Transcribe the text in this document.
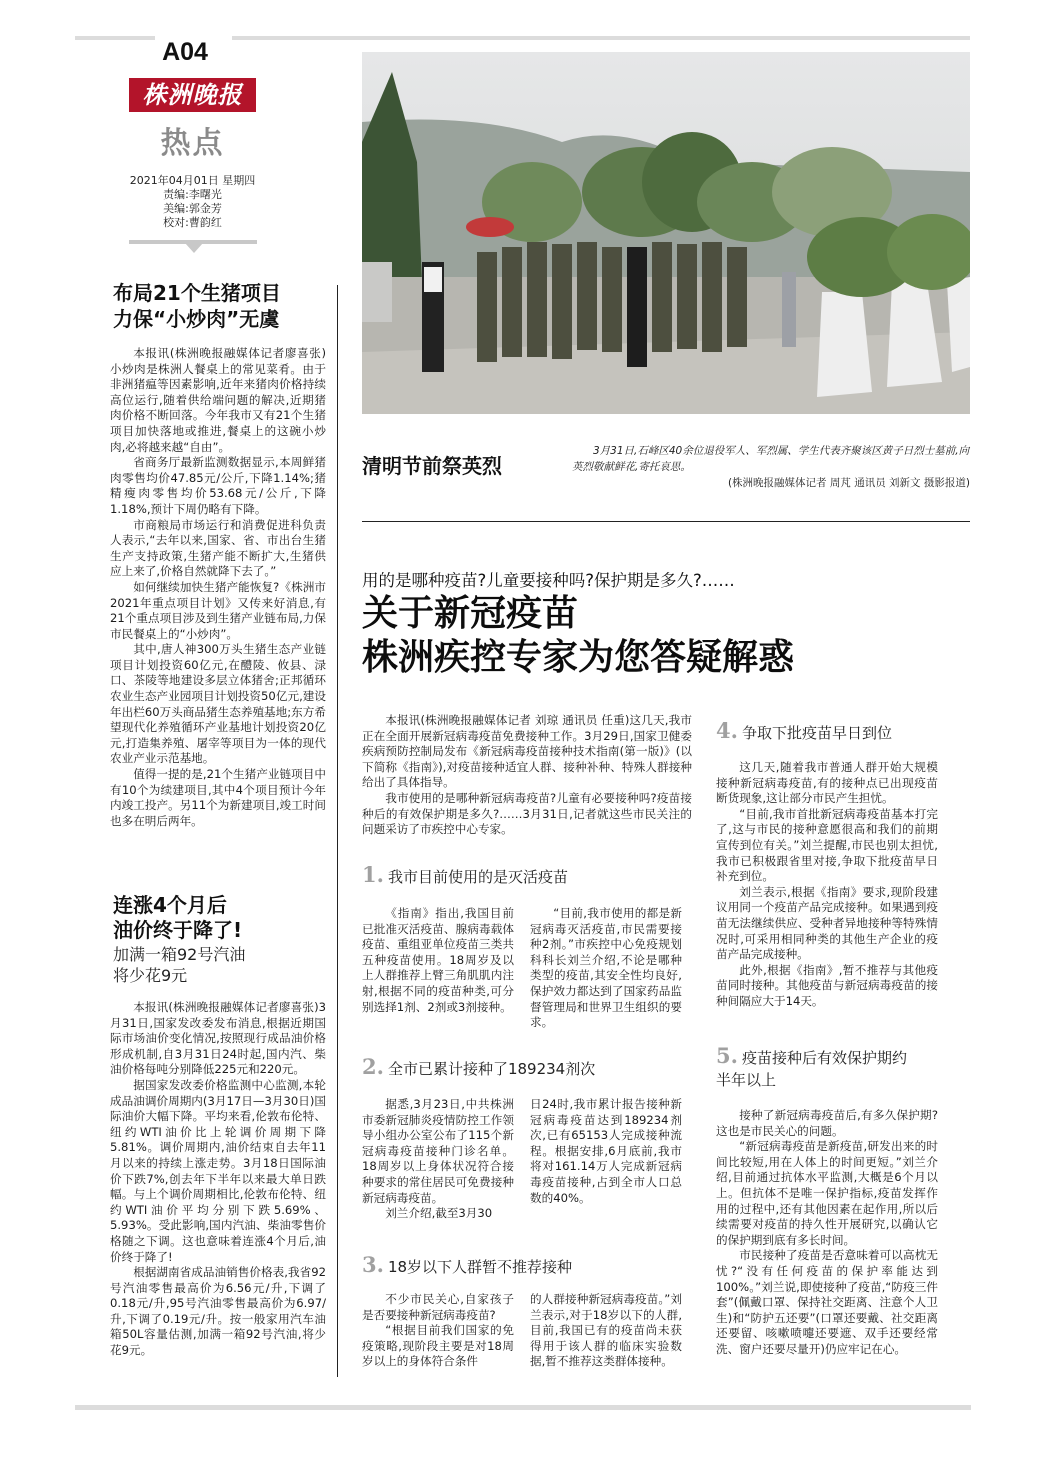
A04
株洲晚报
热点
2021年04月01日 星期四
责编:李曙光
美编:郭金芳
校对:曹韵红
布局21个生猪项目
力保“小炒肉”无虞

本报讯(株洲晚报融媒体记者廖喜张)小炒肉是株洲人餐桌上的常见菜肴。由于非洲猪瘟等因素影响,近年来猪肉价格持续高位运行,随着供给端问题的解决,近期猪肉价格不断回落。今年我市又有21个生猪项目加快落地或推进,餐桌上的这碗小炒肉,必将越来越“自由”。

省商务厅最新监测数据显示,本周鲜猪肉零售均价47.85元/公斤,下降1.14%;猪精瘦肉零售均价53.68元/公斤,下降1.18%,预计下周仍略有下降。

市商粮局市场运行和消费促进科负责人表示,“去年以来,国家、省、市出台生猪生产支持政策,生猪产能不断扩大,生猪供应上来了,价格自然就降下去了。”

如何继续加快生猪产能恢复?《株洲市2021年重点项目计划》又传来好消息,有21个重点项目涉及到生猪产业链布局,力保市民餐桌上的“小炒肉”。

其中,唐人神300万头生猪生态产业链项目计划投资60亿元,在醴陵、攸县、渌口、茶陵等地建设多层立体猪舍;正邦循环农业生态产业园项目计划投资50亿元,建设年出栏60万头商品猪生态养殖基地;东方希望现代化养殖循环产业基地计划投资20亿元,打造集养殖、屠宰等项目为一体的现代农业产业示范基地。

值得一提的是,21个生猪产业链项目中有10个为续建项目,其中4个项目预计今年内竣工投产。另11个为新建项目,竣工时间也多在明后两年。

连涨4个月后
油价终于降了!
加满一箱92号汽油
将少花9元

本报讯(株洲晚报融媒体记者廖喜张)3月31日,国家发改委发布消息,根据近期国际市场油价变化情况,按照现行成品油价格形成机制,自3月31日24时起,国内汽、柴油价格每吨分别降低225元和220元。

据国家发改委价格监测中心监测,本轮成品油调价周期内(3月17日—3月30日)国际油价大幅下降。平均来看,伦敦布伦特、纽约WTI油价比上轮调价周期下降5.81%。调价周期内,油价结束自去年11月以来的持续上涨走势。3月18日国际油价下跌7%,创去年下半年以来最大单日跌幅。与上个调价周期相比,伦敦布伦特、纽约WTI油价平均分别下跌5.69%、5.93%。受此影响,国内汽油、柴油零售价格随之下调。这也意味着连涨4个月后,油价终于降了!

根据湖南省成品油销售价格表,我省92号汽油零售最高价为6.56元/升,下调了0.18元/升,95号汽油零售最高价为6.97/升,下调了0.19元/升。按一般家用汽车油箱50L容量估测,加满一箱92号汽油,将少花9元。

清明节前祭英烈
3月31日,石峰区40余位退役军人、军烈属、学生代表齐聚该区黄子日烈士墓前,向英烈敬献鲜花,寄托哀思。
(株洲晚报融媒体记者 周芃 通讯员 刘新文 摄影报道)
用的是哪种疫苗?儿童要接种吗?保护期是多久?……
关于新冠疫苗
株洲疾控专家为您答疑解惑

本报讯(株洲晚报融媒体记者 刘琼 通讯员 任重)这几天,我市正在全面开展新冠病毒疫苗免费接种工作。3月29日,国家卫健委疾病预防控制局发布《新冠病毒疫苗接种技术指南(第一版)》(以下简称《指南》),对疫苗接种适宜人群、接种补种、特殊人群接种给出了具体指导。

我市使用的是哪种新冠病毒疫苗?儿童有必要接种吗?疫苗接种后的有效保护期是多久?……3月31日,记者就这些市民关注的问题采访了市疾控中心专家。

1. 我市目前使用的是灭活疫苗

《指南》指出,我国目前已批准灭活疫苗、腺病毒载体疫苗、重组亚单位疫苗三类共五种疫苗使用。18周岁及以上人群推荐上臂三角肌肌内注射,根据不同的疫苗种类,可分别选择1剂、2剂或3剂接种。

“目前,我市使用的都是新冠病毒灭活疫苗,市民需要接种2剂。”市疾控中心免疫规划科科长刘兰介绍,不论是哪种类型的疫苗,其安全性均良好,保护效力都达到了国家药品监督管理局和世界卫生组织的要求。

2. 全市已累计接种了189234剂次

据悉,3月23日,中共株洲市委新冠肺炎疫情防控工作领导小组办公室公布了115个新冠病毒疫苗接种门诊名单。18周岁以上身体状况符合接种要求的常住居民可免费接种新冠病毒疫苗。

刘兰介绍,截至3月30

日24时,我市累计报告接种新冠病毒疫苗达到189234剂次,已有65153人完成接种流程。根据安排,6月底前,我市将对161.14万人完成新冠病毒疫苗接种,占到全市人口总数的40%。

3. 18岁以下人群暂不推荐接种

不少市民关心,自家孩子是否要接种新冠病毒疫苗?

“根据目前我们国家的免疫策略,现阶段主要是对18周岁以上的身体符合条件

的人群接种新冠病毒疫苗。”刘兰表示,对于18岁以下的人群,目前,我国已有的疫苗尚未获得用于该人群的临床实验数据,暂不推荐这类群体接种。

4. 争取下批疫苗早日到位

这几天,随着我市普通人群开始大规模接种新冠病毒疫苗,有的接种点已出现疫苗断货现象,这让部分市民产生担忧。

“目前,我市首批新冠病毒疫苗基本打完了,这与市民的接种意愿很高和我们的前期宣传到位有关。”刘兰提醒,市民也别太担忧,我市已积极跟省里对接,争取下批疫苗早日补充到位。

刘兰表示,根据《指南》要求,现阶段建议用同一个疫苗产品完成接种。如果遇到疫苗无法继续供应、受种者异地接种等特殊情况时,可采用相同种类的其他生产企业的疫苗产品完成接种。

此外,根据《指南》,暂不推荐与其他疫苗同时接种。其他疫苗与新冠病毒疫苗的接种间隔应大于14天。

5. 疫苗接种后有效保护期约
半年以上

接种了新冠病毒疫苗后,有多久保护期?这也是市民关心的问题。

“新冠病毒疫苗是新疫苗,研发出来的时间比较短,用在人体上的时间更短。”刘兰介绍,目前通过抗体水平监测,大概是6个月以上。但抗体不是唯一保护指标,疫苗发挥作用的过程中,还有其他因素在起作用,所以后续需要对疫苗的持久性开展研究,以确认它的保护期到底有多长时间。

市民接种了疫苗是否意味着可以高枕无忧?“没有任何疫苗的保护率能达到100%。”刘兰说,即使接种了疫苗,“防疫三件套”(佩戴口罩、保持社交距离、注意个人卫生)和“防护五还要”(口罩还要戴、社交距离还要留、咳嗽喷嚏还要遮、双手还要经常洗、窗户还要尽量开)仍应牢记在心。
